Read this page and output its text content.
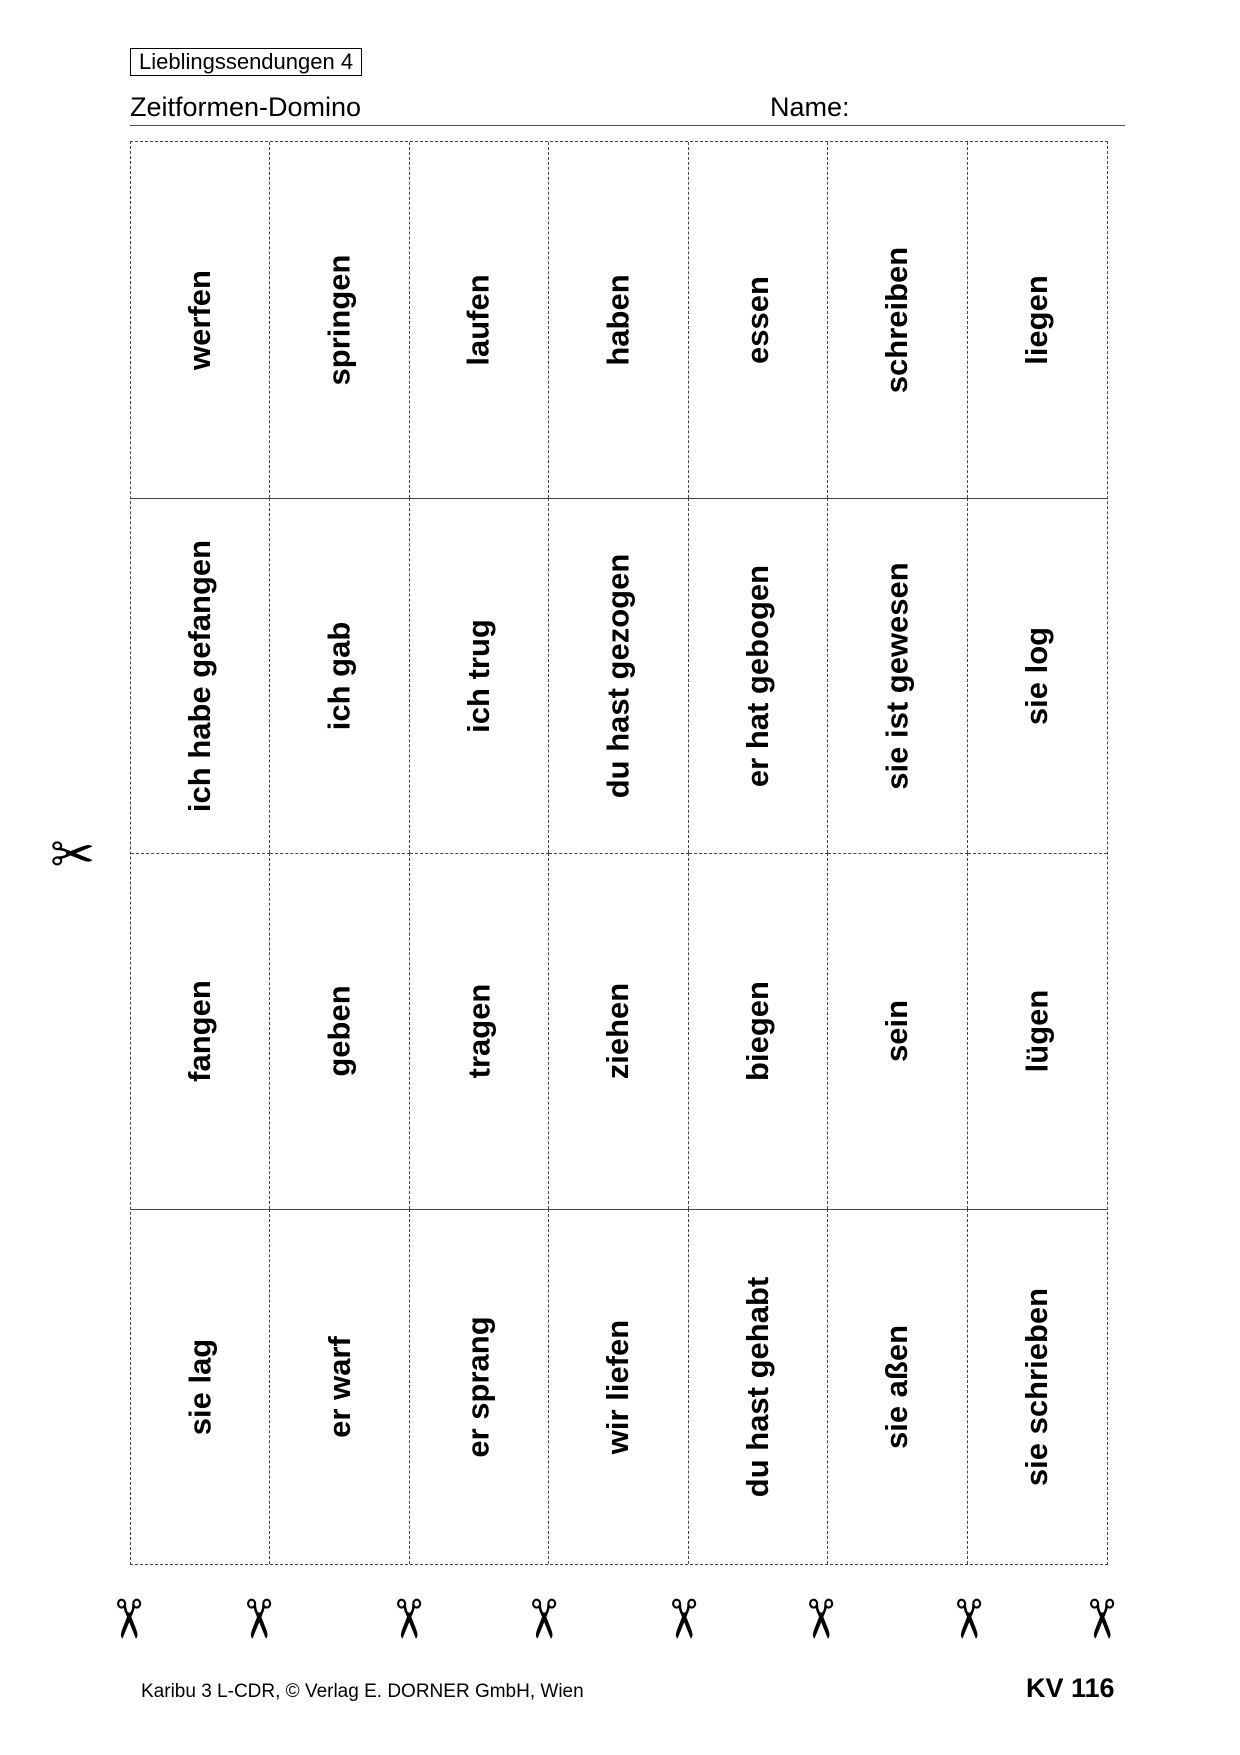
Lieblingssendungen 4
Zeitformen-Domino	Name:
werfen	springen	laufen	haben	essen	schreiben	liegen
ich habe gefangen	ich gab	ich trug	du hast gezogen	er hat gebogen	sie ist gewesen	sie log
fangen	geben	tragen	ziehen	biegen	sein	lügen
sie lag	er warf	er sprang	wir liefen	du hast gehabt	sie aßen	sie schrieben
✂
✂ ✂ ✂ ✂ ✂ ✂ ✂ ✂
Karibu 3 L-CDR, © Verlag E. DORNER GmbH, Wien	KV 116
